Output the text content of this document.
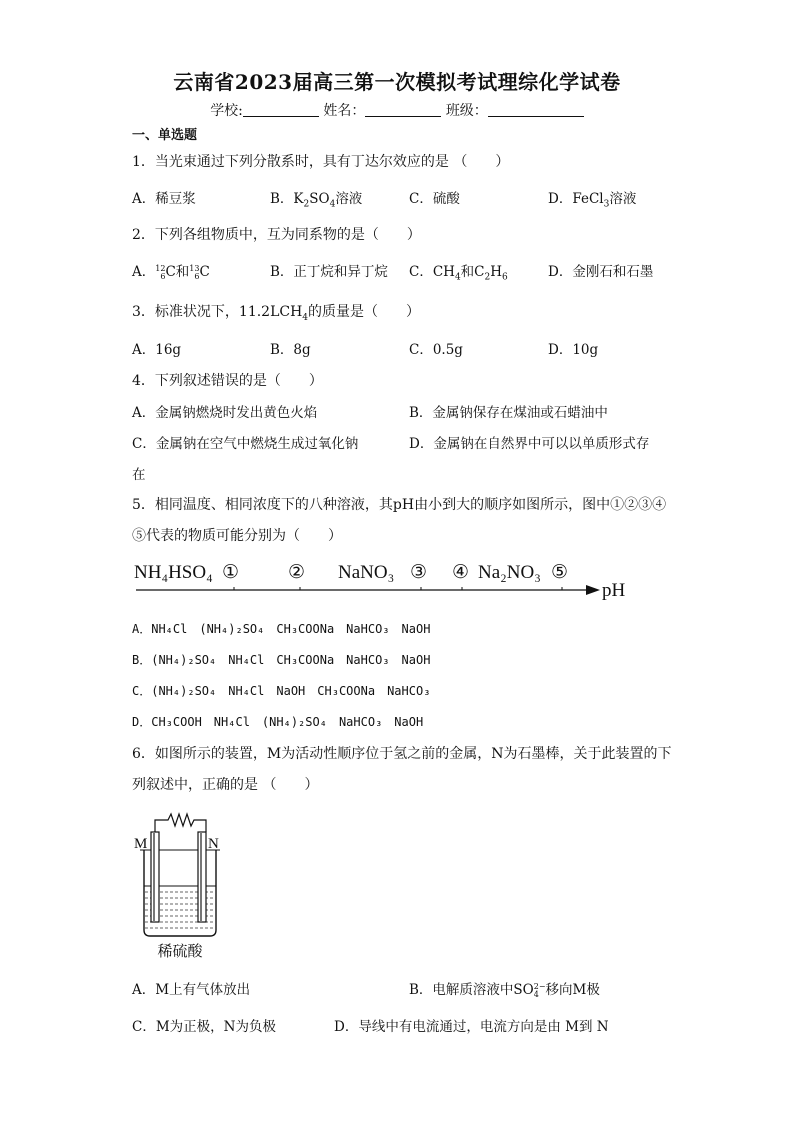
云南省2023届高三第一次模拟考试理综化学试卷
学校:	姓名：	班级：
一、单选题
1．当光束通过下列分散系时，具有丁达尔效应的是 （　　）
A．稀豆浆	B．$K_2SO_4$溶液	C．硫酸	D．FeCl$_3$溶液
2．下列各组物质中，互为同系物的是（　　）
A．12
6C和13
6C	B．正丁烷和异丁烷 C．$CH_4$和$C_2H_6$	D．金刚石和石墨
3．标准状况下，$11.2LCH_4$的质量是（　　）
A．16g	B．8g	C．0.5g	D．10g
4．下列叙述错误的是（　　）
A．金属钠燃烧时发出黄色火焰	B．金属钠保存在煤油或石蜡油中
C．金属钠在空气中燃烧生成过氧化钠	D．金属钠在自然界中可以以单质形式存
在
5．相同温度、相同浓度下的八种溶液，其pH由小到大的顺序如图所示，图中①②③④
⑤代表的物质可能分别为（　　）
NH₄HSO₄ ①	② NaNO₃ ③ ④ Na₂NO₃ ⑤
pH
A．NH₄Cl　(NH₄)₂SO₄　CH₃COONa　NaHCO₃　NaOH
B．(NH₄)₂SO₄　NH₄Cl　CH₃COONa　NaHCO₃　NaOH
C．(NH₄)₂SO₄　NH₄Cl　NaOH　CH₃COONa　NaHCO₃
D．CH₃COOH　NH₄Cl　(NH₄)₂SO₄　NaHCO₃　NaOH
6．如图所示的装置，M为活动性顺序位于氢之前的金属，N为石墨棒，关于此装置的下
列叙述中，正确的是 （　　）
M	N
稀硫酸
A．M上有气体放出	B．电解质溶液中SO2−
4 移向M极
C．M为正极，N为负极	D．导线中有电流通过，电流方向是由 M到 N
